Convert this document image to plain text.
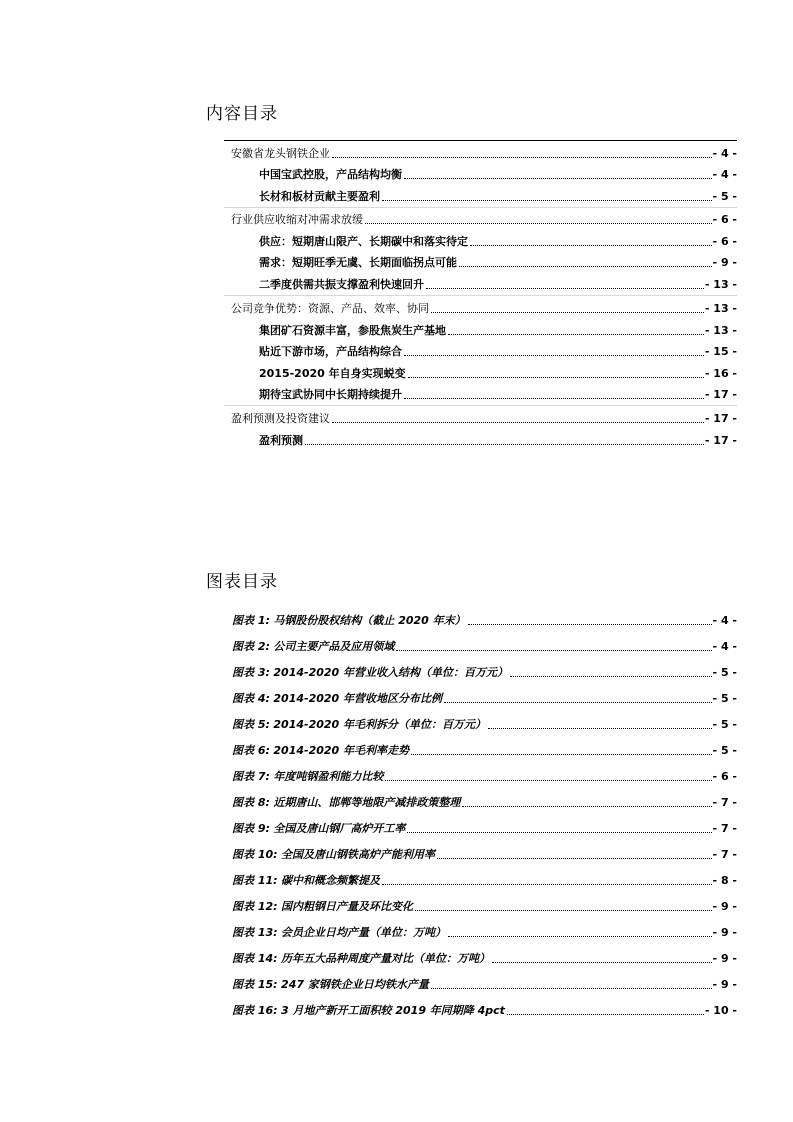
内容目录
安徽省龙头钢铁企业	- 4 -
中国宝武控股，产品结构均衡	- 4 -
长材和板材贡献主要盈利	- 5 -
行业供应收缩对冲需求放缓	- 6 -
供应：短期唐山限产、长期碳中和落实待定	- 6 -
需求：短期旺季无虞、长期面临拐点可能	- 9 -
二季度供需共振支撑盈利快速回升	- 13 -
公司竞争优势：资源、产品、效率、协同	- 13 -
集团矿石资源丰富，参股焦炭生产基地	- 13 -
贴近下游市场，产品结构综合	- 15 -
2015-2020 年自身实现蜕变	- 16 -
期待宝武协同中长期持续提升	- 17 -
盈利预测及投资建议	- 17 -
盈利预测	- 17 -
图表目录
图表 1: 马钢股份股权结构（截止 2020 年末）	- 4 -
图表 2: 公司主要产品及应用领域	- 4 -
图表 3: 2014-2020 年营业收入结构（单位：百万元）	- 5 -
图表 4: 2014-2020 年营收地区分布比例	- 5 -
图表 5: 2014-2020 年毛利拆分（单位：百万元）	- 5 -
图表 6: 2014-2020 年毛利率走势	- 5 -
图表 7: 年度吨钢盈利能力比较	- 6 -
图表 8: 近期唐山、邯郸等地限产减排政策整理	- 7 -
图表 9: 全国及唐山钢厂高炉开工率	- 7 -
图表 10: 全国及唐山钢铁高炉产能利用率	- 7 -
图表 11: 碳中和概念频繁提及	- 8 -
图表 12: 国内粗钢日产量及环比变化	- 9 -
图表 13: 会员企业日均产量（单位：万吨）	- 9 -
图表 14: 历年五大品种周度产量对比（单位：万吨）	- 9 -
图表 15: 247 家钢铁企业日均铁水产量	- 9 -
图表 16: 3 月地产新开工面积较 2019 年同期降 4pct	- 10 -
